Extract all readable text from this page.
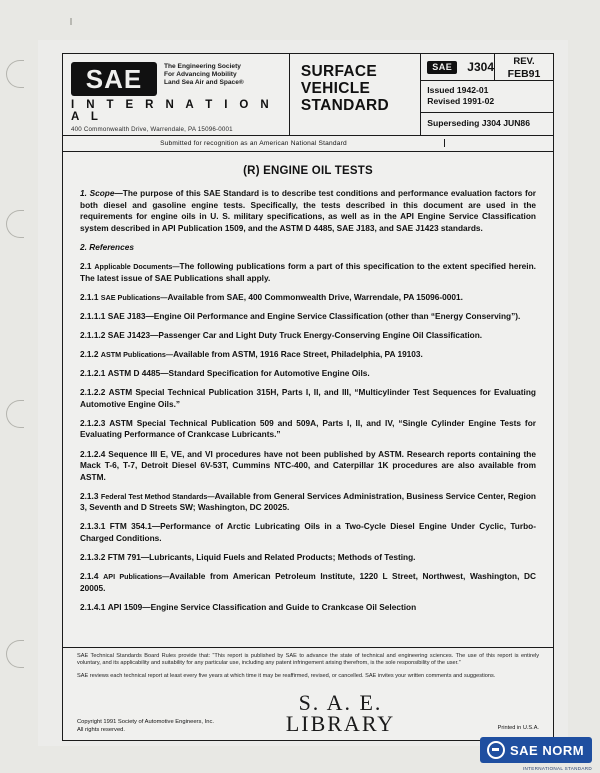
SAE	The Engineering Society
For Advancing Mobility
Land Sea Air and Space®
I N T E R N A T I O N A L
400 Commonwealth Drive, Warrendale, PA 15096-0001
SURFACE
VEHICLE
STANDARD
SAE	J304	REV.
FEB91
Issued 1942-01
Revised 1991-02
Superseding J304 JUN86
Submitted for recognition as an American National Standard
(R) ENGINE OIL TESTS

1. Scope—The purpose of this SAE Standard is to describe test conditions and performance evaluation factors for both diesel and gasoline engine tests. Specifically, the tests described in this document are used in the requirements for engine oils in U. S. military specifications, as well as in the API Engine Service Classification system described in API Publication 1509, and the ASTM D 4485, SAE J183, and SAE J1423 standards.

2. References

2.1 Applicable Documents—The following publications form a part of this specification to the extent specified herein. The latest issue of SAE Publications shall apply.

2.1.1 SAE Publications—Available from SAE, 400 Commonwealth Drive, Warrendale, PA 15096-0001.

2.1.1.1 SAE J183—Engine Oil Performance and Engine Service Classification (other than “Energy Conserving”).

2.1.1.2 SAE J1423—Passenger Car and Light Duty Truck Energy-Conserving Engine Oil Classification.

2.1.2 ASTM Publications—Available from ASTM, 1916 Race Street, Philadelphia, PA 19103.

2.1.2.1 ASTM D 4485—Standard Specification for Automotive Engine Oils.

2.1.2.2 ASTM Special Technical Publication 315H, Parts I, II, and III, “Multicylinder Test Sequences for Evaluating Automotive Engine Oils.”

2.1.2.3 ASTM Special Technical Publication 509 and 509A, Parts I, II, and IV, “Single Cylinder Engine Tests for Evaluating Performance of Crankcase Lubricants.”

2.1.2.4 Sequence III E, VE, and VI procedures have not been published by ASTM. Research reports containing the Mack T-6, T-7, Detroit Diesel 6V-53T, Cummins NTC-400, and Caterpillar 1K procedures are also available from ASTM.

2.1.3 Federal Test Method Standards—Available from General Services Administration, Business Service Center, Region 3, Seventh and D Streets SW; Washington, DC 20025.

2.1.3.1 FTM 354.1—Performance of Arctic Lubricating Oils in a Two-Cycle Diesel Engine Under Cyclic, Turbo-Charged Conditions.

2.1.3.2 FTM 791—Lubricants, Liquid Fuels and Related Products; Methods of Testing.

2.1.4 API Publications—Available from American Petroleum Institute, 1220 L Street, Northwest, Washington, DC 20005.

2.1.4.1 API 1509—Engine Service Classification and Guide to Crankcase Oil Selection

SAE Technical Standards Board Rules provide that: “This report is published by SAE to advance the state of technical and engineering sciences. The use of this report is entirely voluntary, and its applicability and suitability for any particular use, including any patent infringement arising therefrom, is the sole responsibility of the user.”

SAE reviews each technical report at least every five years at which time it may be reaffirmed, revised, or cancelled. SAE invites your written comments and suggestions.

Copyright 1991 Society of Automotive Engineers, Inc.
All rights reserved.
S. A. E.
LIBRARY	Printed in U.S.A.
SAE NORM
INTERNATIONAL STANDARD
